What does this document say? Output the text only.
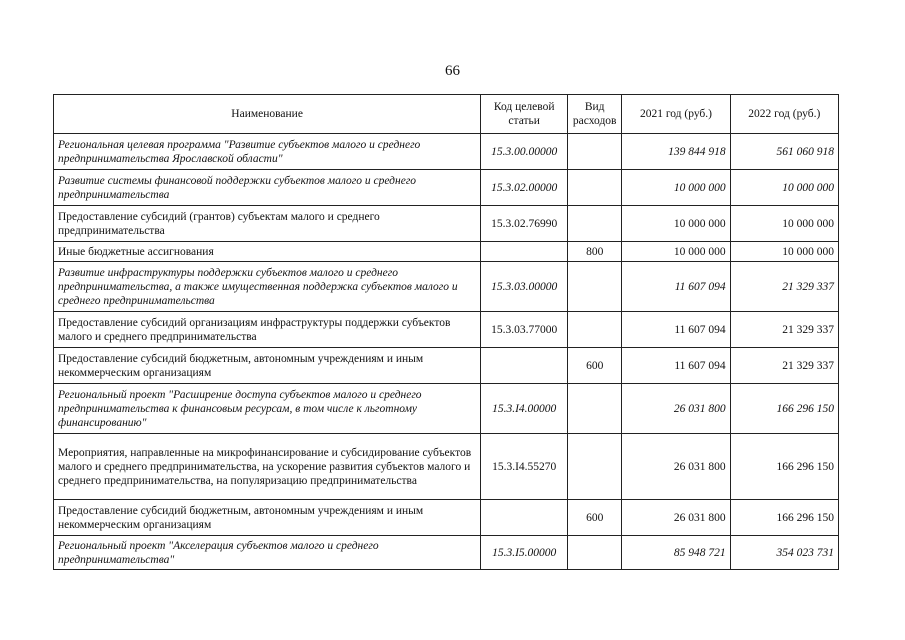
66
Наименование	Код целевой статьи	Вид расходов	2021 год (руб.)	2022 год (руб.)
Региональная целевая программа "Развитие субъектов малого и среднего предпринимательства Ярославской области"	15.3.00.00000		139 844 918	561 060 918
Развитие системы финансовой поддержки субъектов малого и среднего предпринимательства	15.3.02.00000		10 000 000	10 000 000
Предоставление субсидий (грантов) субъектам малого и среднего предпринимательства	15.3.02.76990		10 000 000	10 000 000
Иные бюджетные ассигнования		800	10 000 000	10 000 000
Развитие инфраструктуры поддержки субъектов малого и среднего предпринимательства, а также имущественная поддержка субъектов малого и среднего предпринимательства	15.3.03.00000		11 607 094	21 329 337
Предоставление субсидий организациям инфраструктуры поддержки субъектов малого и среднего предпринимательства	15.3.03.77000		11 607 094	21 329 337
Предоставление субсидий бюджетным, автономным учреждениям и иным некоммерческим организациям		600	11 607 094	21 329 337
Региональный проект "Расширение доступа субъектов малого и среднего предпринимательства к финансовым ресурсам, в том числе к льготному финансированию"	15.3.I4.00000		26 031 800	166 296 150
Мероприятия, направленные на микрофинансирование и субсидирование субъектов малого и среднего предпринимательства, на ускорение развития субъектов малого и среднего предпринимательства, на популяризацию предпринимательства	15.3.I4.55270		26 031 800	166 296 150
Предоставление субсидий бюджетным, автономным учреждениям и иным некоммерческим организациям		600	26 031 800	166 296 150
Региональный проект "Акселерация субъектов малого и среднего предпринимательства"	15.3.I5.00000		85 948 721	354 023 731
